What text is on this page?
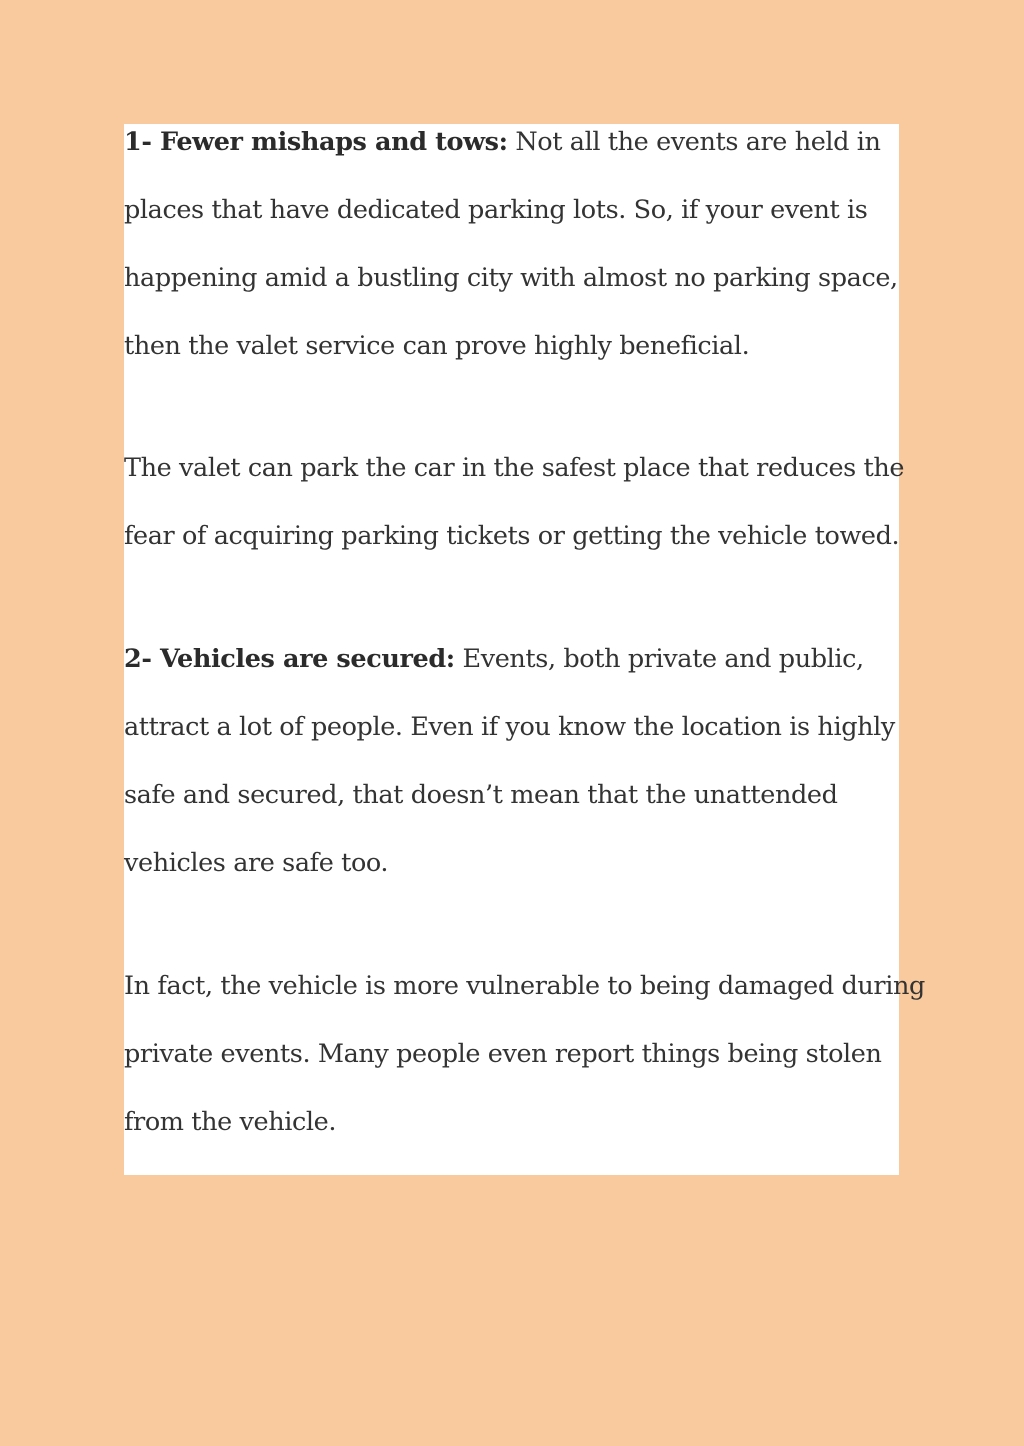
1- Fewer mishaps and tows: Not all the events are held in
places that have dedicated parking lots. So, if your event is
happening amid a bustling city with almost no parking space,
then the valet service can prove highly beneficial.

The valet can park the car in the safest place that reduces the
fear of acquiring parking tickets or getting the vehicle towed.

2- Vehicles are secured: Events, both private and public,
attract a lot of people. Even if you know the location is highly
safe and secured, that doesn’t mean that the unattended
vehicles are safe too.

In fact, the vehicle is more vulnerable to being damaged during
private events. Many people even report things being stolen
from the vehicle.
